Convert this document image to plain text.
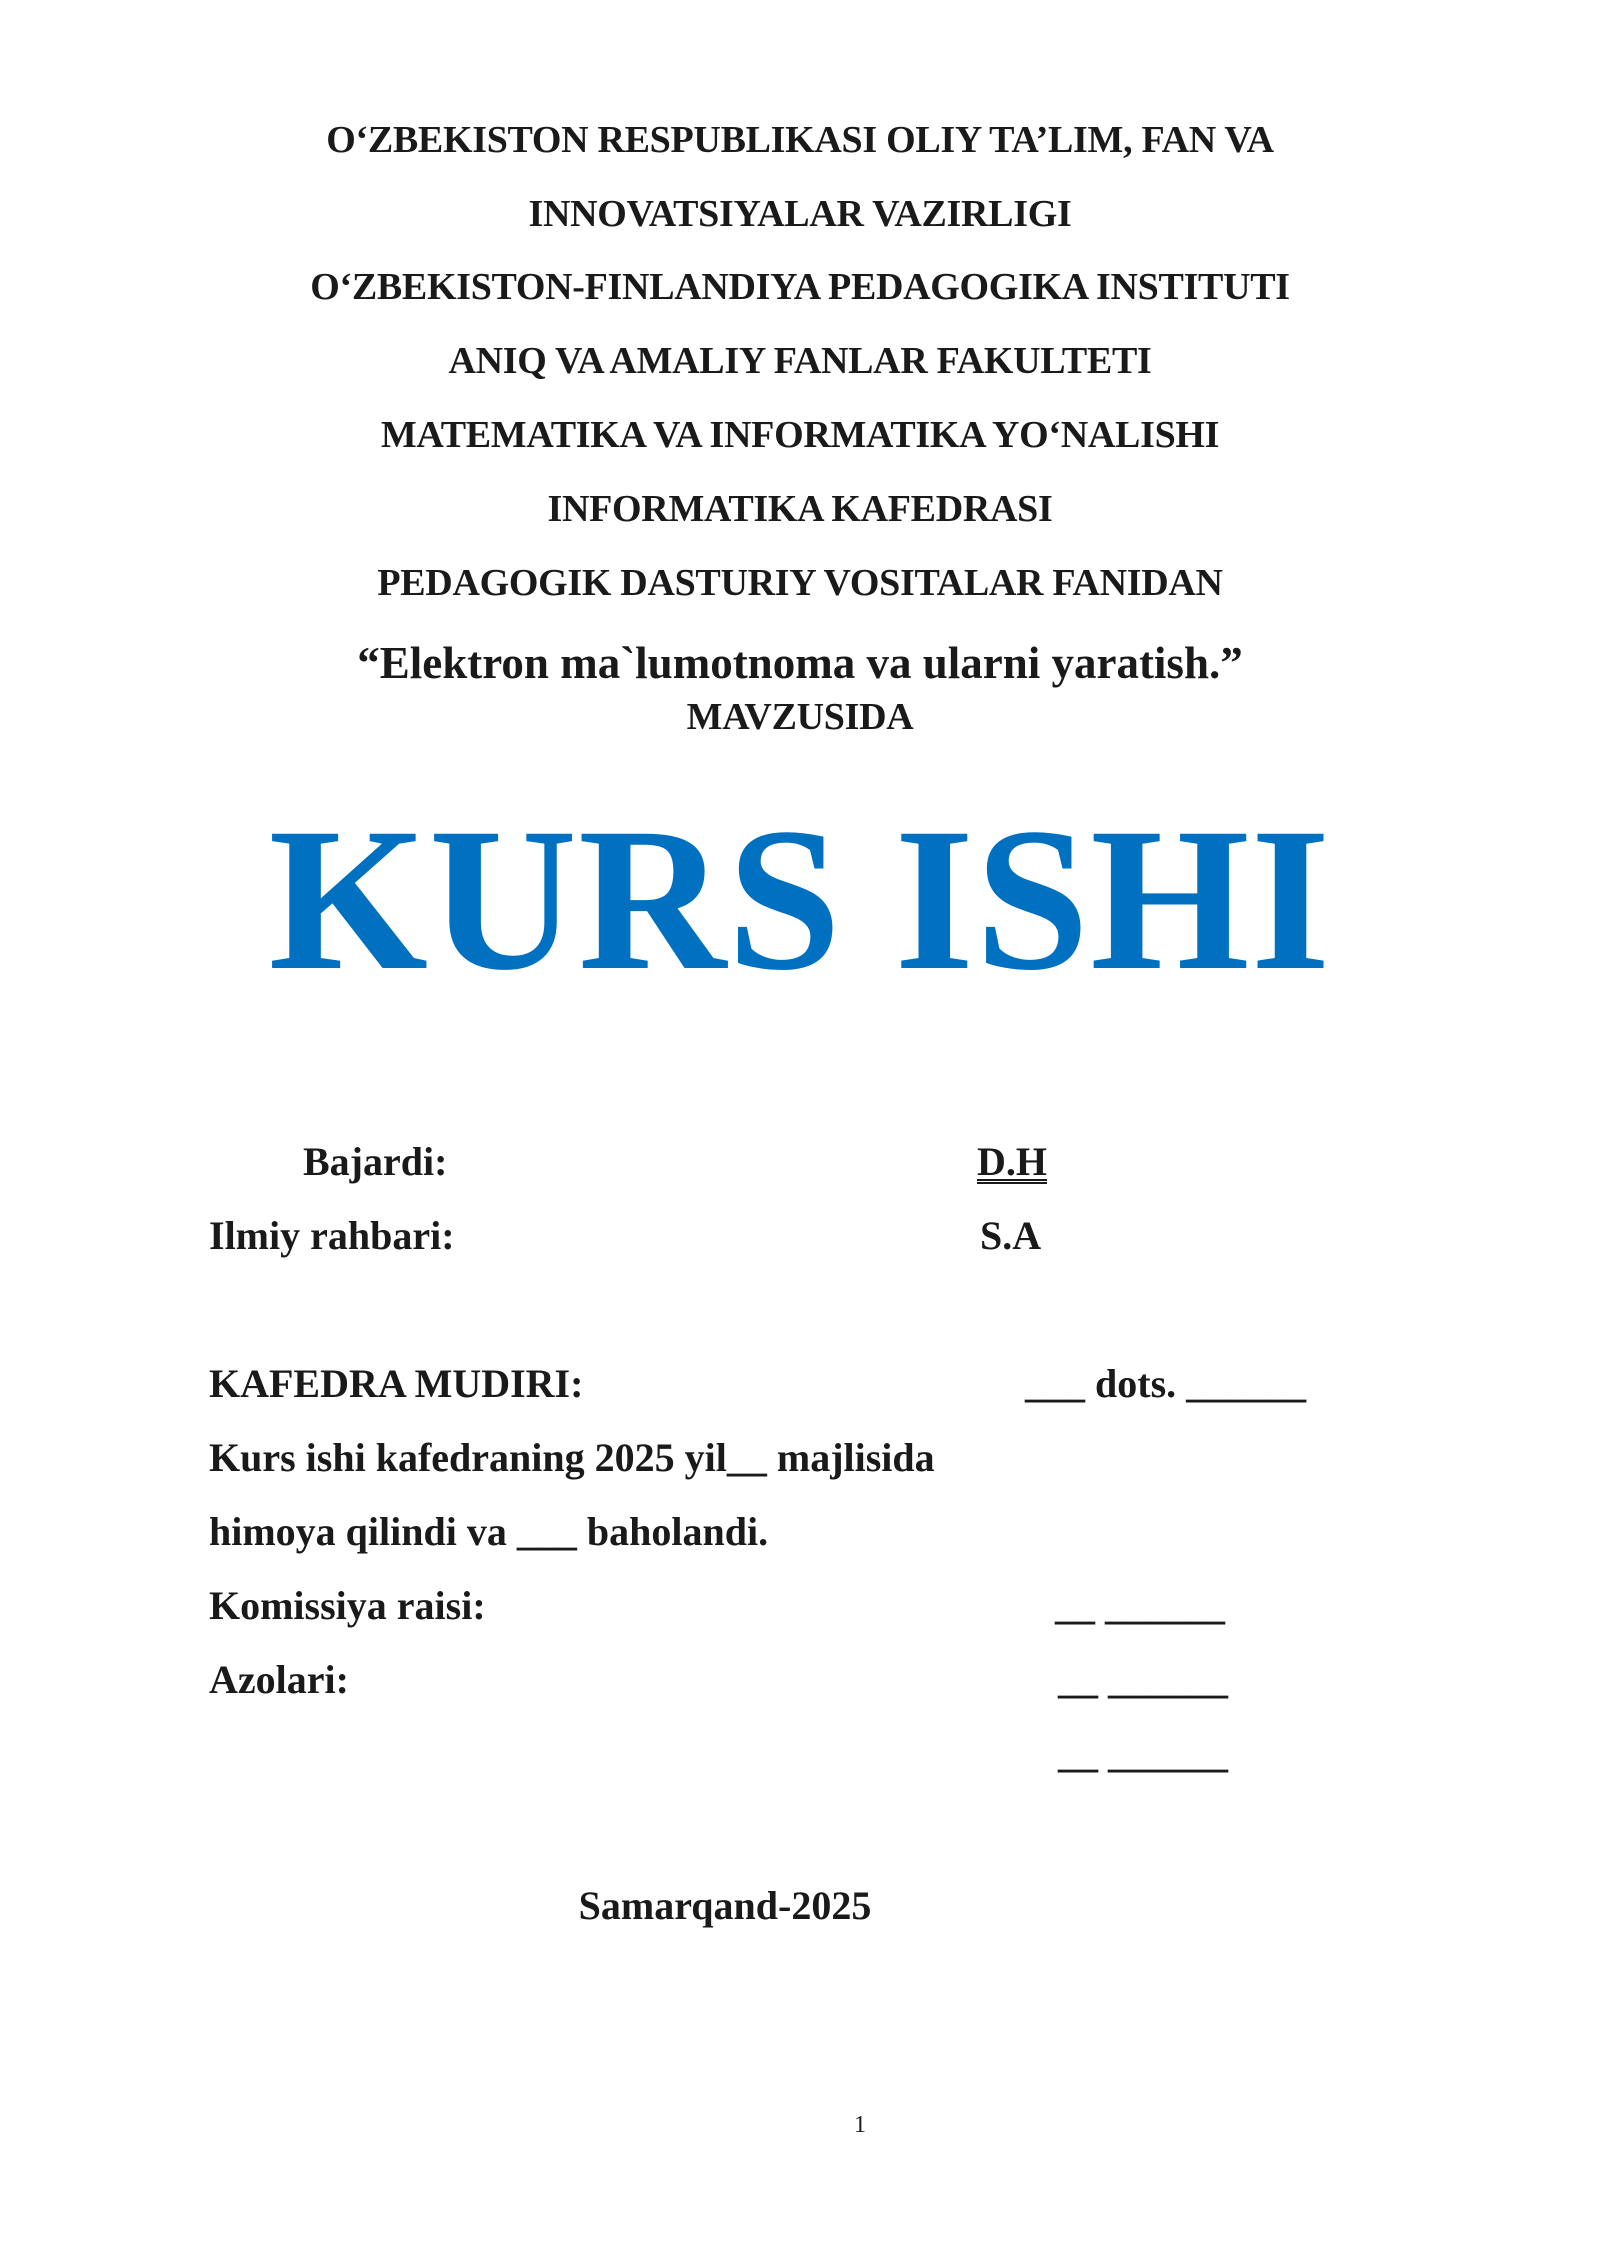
O‘ZBEKISTON RESPUBLIKASI OLIY TA’LIM, FAN VA
INNOVATSIYALAR VAZIRLIGI
O‘ZBEKISTON-FINLANDIYA PEDAGOGIKA INSTITUTI
ANIQ VA AMALIY FANLAR FAKULTETI
MATEMATIKA VA INFORMATIKA YO‘NALISHI
INFORMATIKA KAFEDRASI
PEDAGOGIK DASTURIY VOSITALAR FANIDAN
“Elektron ma`lumotnoma va ularni yaratish.”
MAVZUSIDA
KURS ISHI
Bajardi:	D.H
Ilmiy rahbari:	S.A
KAFEDRA MUDIRI:	___ dots. ______
Kurs ishi kafedraning 2025 yil__ majlisida
himoya qilindi va ___ baholandi.
Komissiya raisi:	__ ______
Azolari:	__ ______
__ ______
Samarqand-2025
1
